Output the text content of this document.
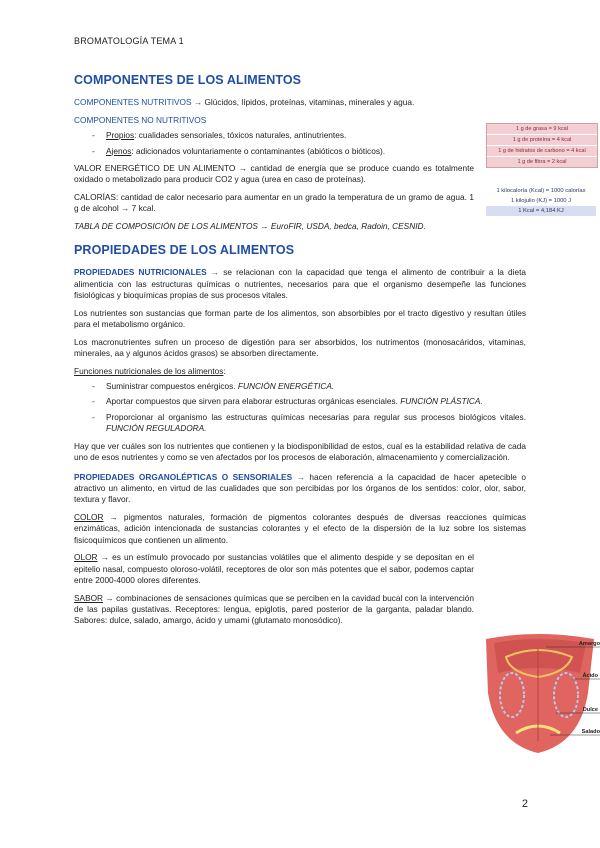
BROMATOLOGÍA TEMA 1
COMPONENTES DE LOS ALIMENTOS

COMPONENTES NUTRITIVOS → Glúcidos, lípidos, proteínas, vitaminas, minerales y agua.

COMPONENTES NO NUTRITIVOS
- Propios: cualidades sensoriales, tóxicos naturales, antinutrientes.
- Ajenos: adicionados voluntariamente o contaminantes (abióticos o bióticos).

VALOR ENERGÉTICO DE UN ALIMENTO → cantidad de energía que se produce cuando es totalmente oxidado o metabolizado para producir CO2 y agua (urea en caso de proteínas).

CALORÍAS: cantidad de calor necesario para aumentar en un grado la temperatura de un gramo de agua. 1 g de alcohol → 7 kcal.

TABLA DE COMPOSICIÓN DE LOS ALIMENTOS → EuroFIR, USDA, bedca, Radoin, CESNID.

PROPIEDADES DE LOS ALIMENTOS

PROPIEDADES NUTRICIONALES → se relacionan con la capacidad que tenga el alimento de contribuir a la dieta alimenticia con las estructuras químicas o nutrientes, necesarios para que el organismo desempeñe las funciones fisiológicas y bioquímicas propias de sus procesos vitales.

Los nutrientes son sustancias que forman parte de los alimentos, son absorbibles por el tracto digestivo y resultan útiles para el metabolismo orgánico.

Los macronutrientes sufren un proceso de digestión para ser absorbidos, los nutrimentos (monosacáridos, vitaminas, minerales, aa y algunos ácidos grasos) se absorben directamente.

Funciones nutricionales de los alimentos:
- Suministrar compuestos enérgicos. FUNCIÓN ENERGÉTICA.
- Aportar compuestos que sirven para elaborar estructuras orgánicas esenciales. FUNCIÓN PLÁSTICA.
- Proporcionar al organismo las estructuras químicas necesarias para regular sus procesos biológicos vitales. FUNCIÓN REGULADORA.

Hay que ver cuáles son los nutrientes que contienen y la biodisponibilidad de estos, cual es la estabilidad relativa de cada uno de esos nutrientes y como se ven afectados por los procesos de elaboración, almacenamiento y comercialización.

PROPIEDADES ORGANOLÉPTICAS O SENSORIALES → hacen referencia a la capacidad de hacer apetecible o atractivo un alimento, en virtud de las cualidades que son percibidas por los órganos de los sentidos: color, olor, sabor, textura y flavor.

COLOR → pigmentos naturales, formación de pigmentos colorantes después de diversas reacciones químicas enzimáticas, adición intencionada de sustancias colorantes y el efecto de la dispersión de la luz sobre los sistemas fisicoquímicos que contienen un alimento.

OLOR → es un estímulo provocado por sustancias volátiles que el alimento despide y se depositan en el epitelio nasal, compuesto oloroso-volátil, receptores de olor son más potentes que el sabor, podemos captar entre 2000-4000 olores diferentes.

SABOR → combinaciones de sensaciones químicas que se perciben en la cavidad bucal con la intervención de las papilas gustativas. Receptores: lengua, epiglotis, pared posterior de la garganta, paladar blando. Sabores: dulce, salado, amargo, ácido y umami (glutamato monosódico).

1 g de grasa = 9 kcal
1 g de proteína = 4 kcal
1 g de hidratos de carbono = 4 kcal
1 g de fibra = 2 kcal
1 kilocaloría (Kcal) = 1000 calorías
1 kilojulio (KJ) = 1000 J
1 Kcal = 4,184 KJ
Amargo
Ácido
Dulce
Salado
2
